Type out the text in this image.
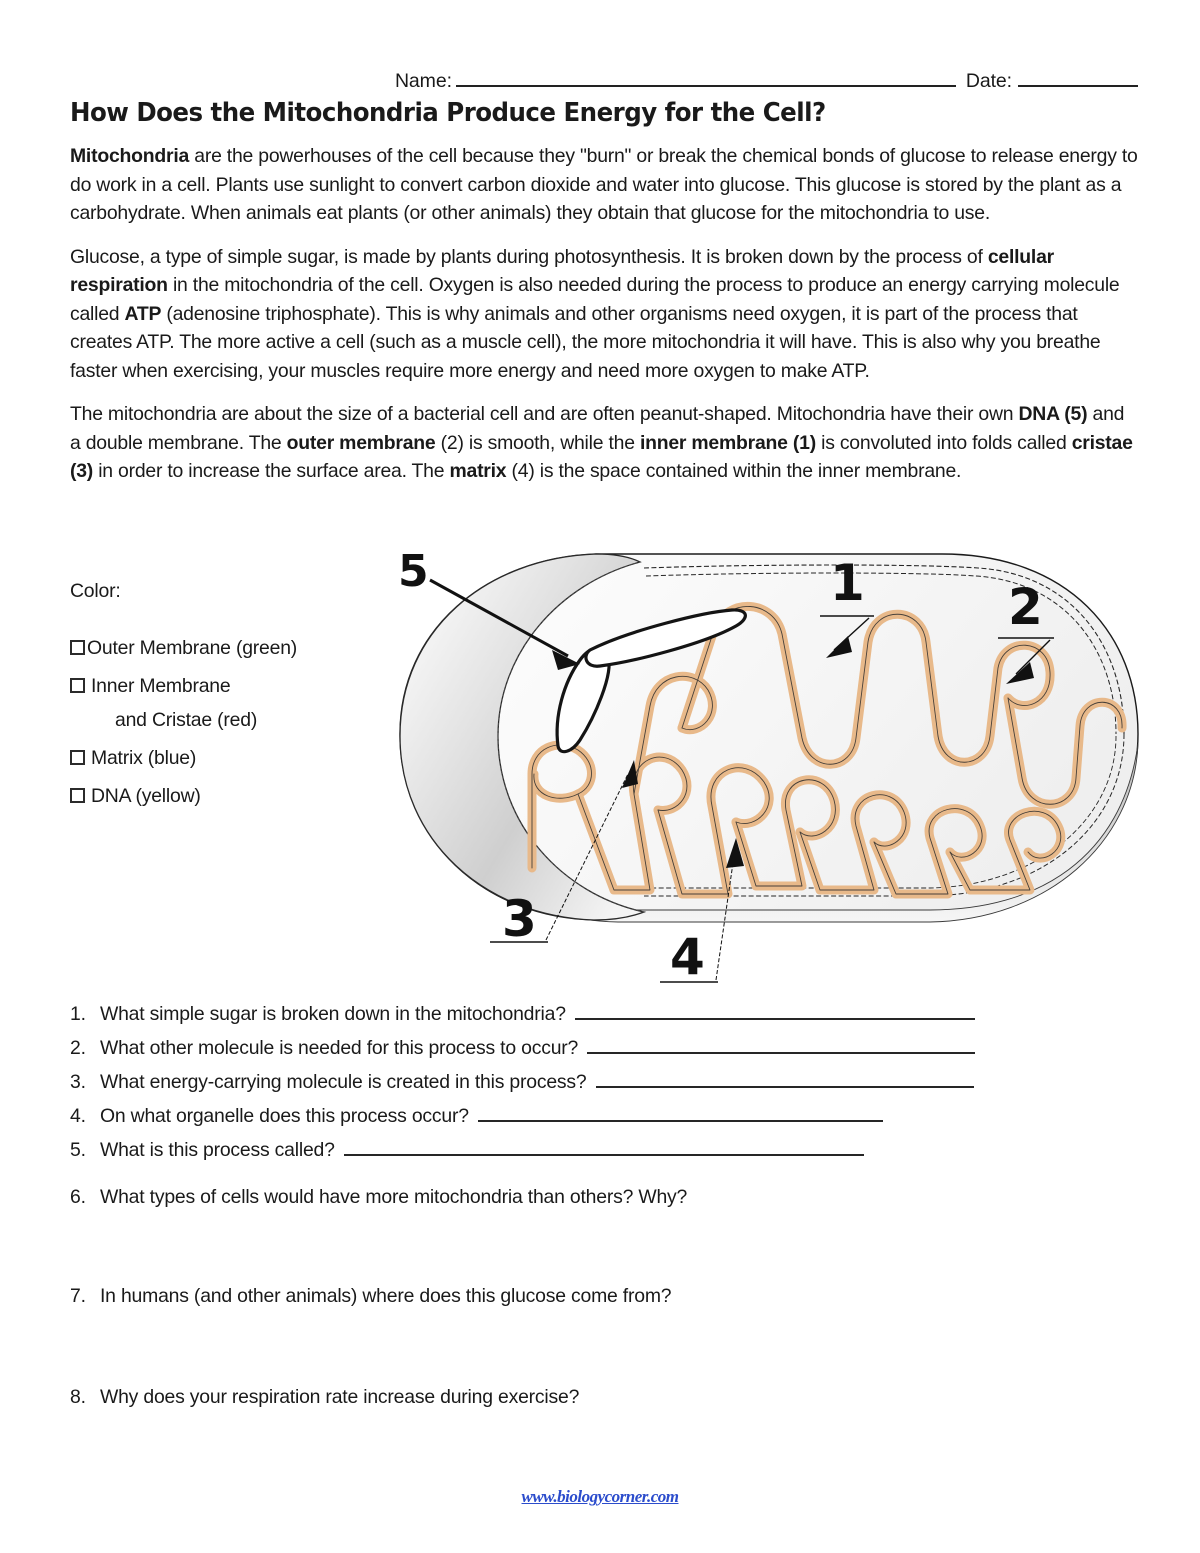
Name:	Date:
How Does the Mitochondria Produce Energy for the Cell?

Mitochondria are the powerhouses of the cell because they "burn" or break the chemical bonds of glucose to release energy to do work in a cell. Plants use sunlight to convert carbon dioxide and water into glucose. This glucose is stored by the plant as a carbohydrate. When animals eat plants (or other animals) they obtain that glucose for the mitochondria to use.

Glucose, a type of simple sugar, is made by plants during photosynthesis. It is broken down by the process of cellular respiration in the mitochondria of the cell. Oxygen is also needed during the process to produce an energy carrying molecule called ATP (adenosine triphosphate). This is why animals and other organisms need oxygen, it is part of the process that creates ATP. The more active a cell (such as a muscle cell), the more mitochondria it will have. This is also why you breathe faster when exercising, your muscles require more energy and need more oxygen to make ATP.

The mitochondria are about the size of a bacterial cell and are often peanut-shaped. Mitochondria have their own DNA (5) and a double membrane. The outer membrane (2) is smooth, while the inner membrane (1) is convoluted into folds called cristae (3) in order to increase the surface area. The matrix (4) is the space contained within the inner membrane.

Color:
Outer Membrane (green)
Inner Membrane
and Cristae (red)
Matrix (blue)
DNA (yellow)
5	1	2
3
4
1. What simple sugar is broken down in the mitochondria?
2. What other molecule is needed for this process to occur?
3. What energy-carrying molecule is created in this process?
4. On what organelle does this process occur?
5. What is this process called?
6. What types of cells would have more mitochondria than others? Why?
7. In humans (and other animals) where does this glucose come from?
8. Why does your respiration rate increase during exercise?
www.biologycorner.com
